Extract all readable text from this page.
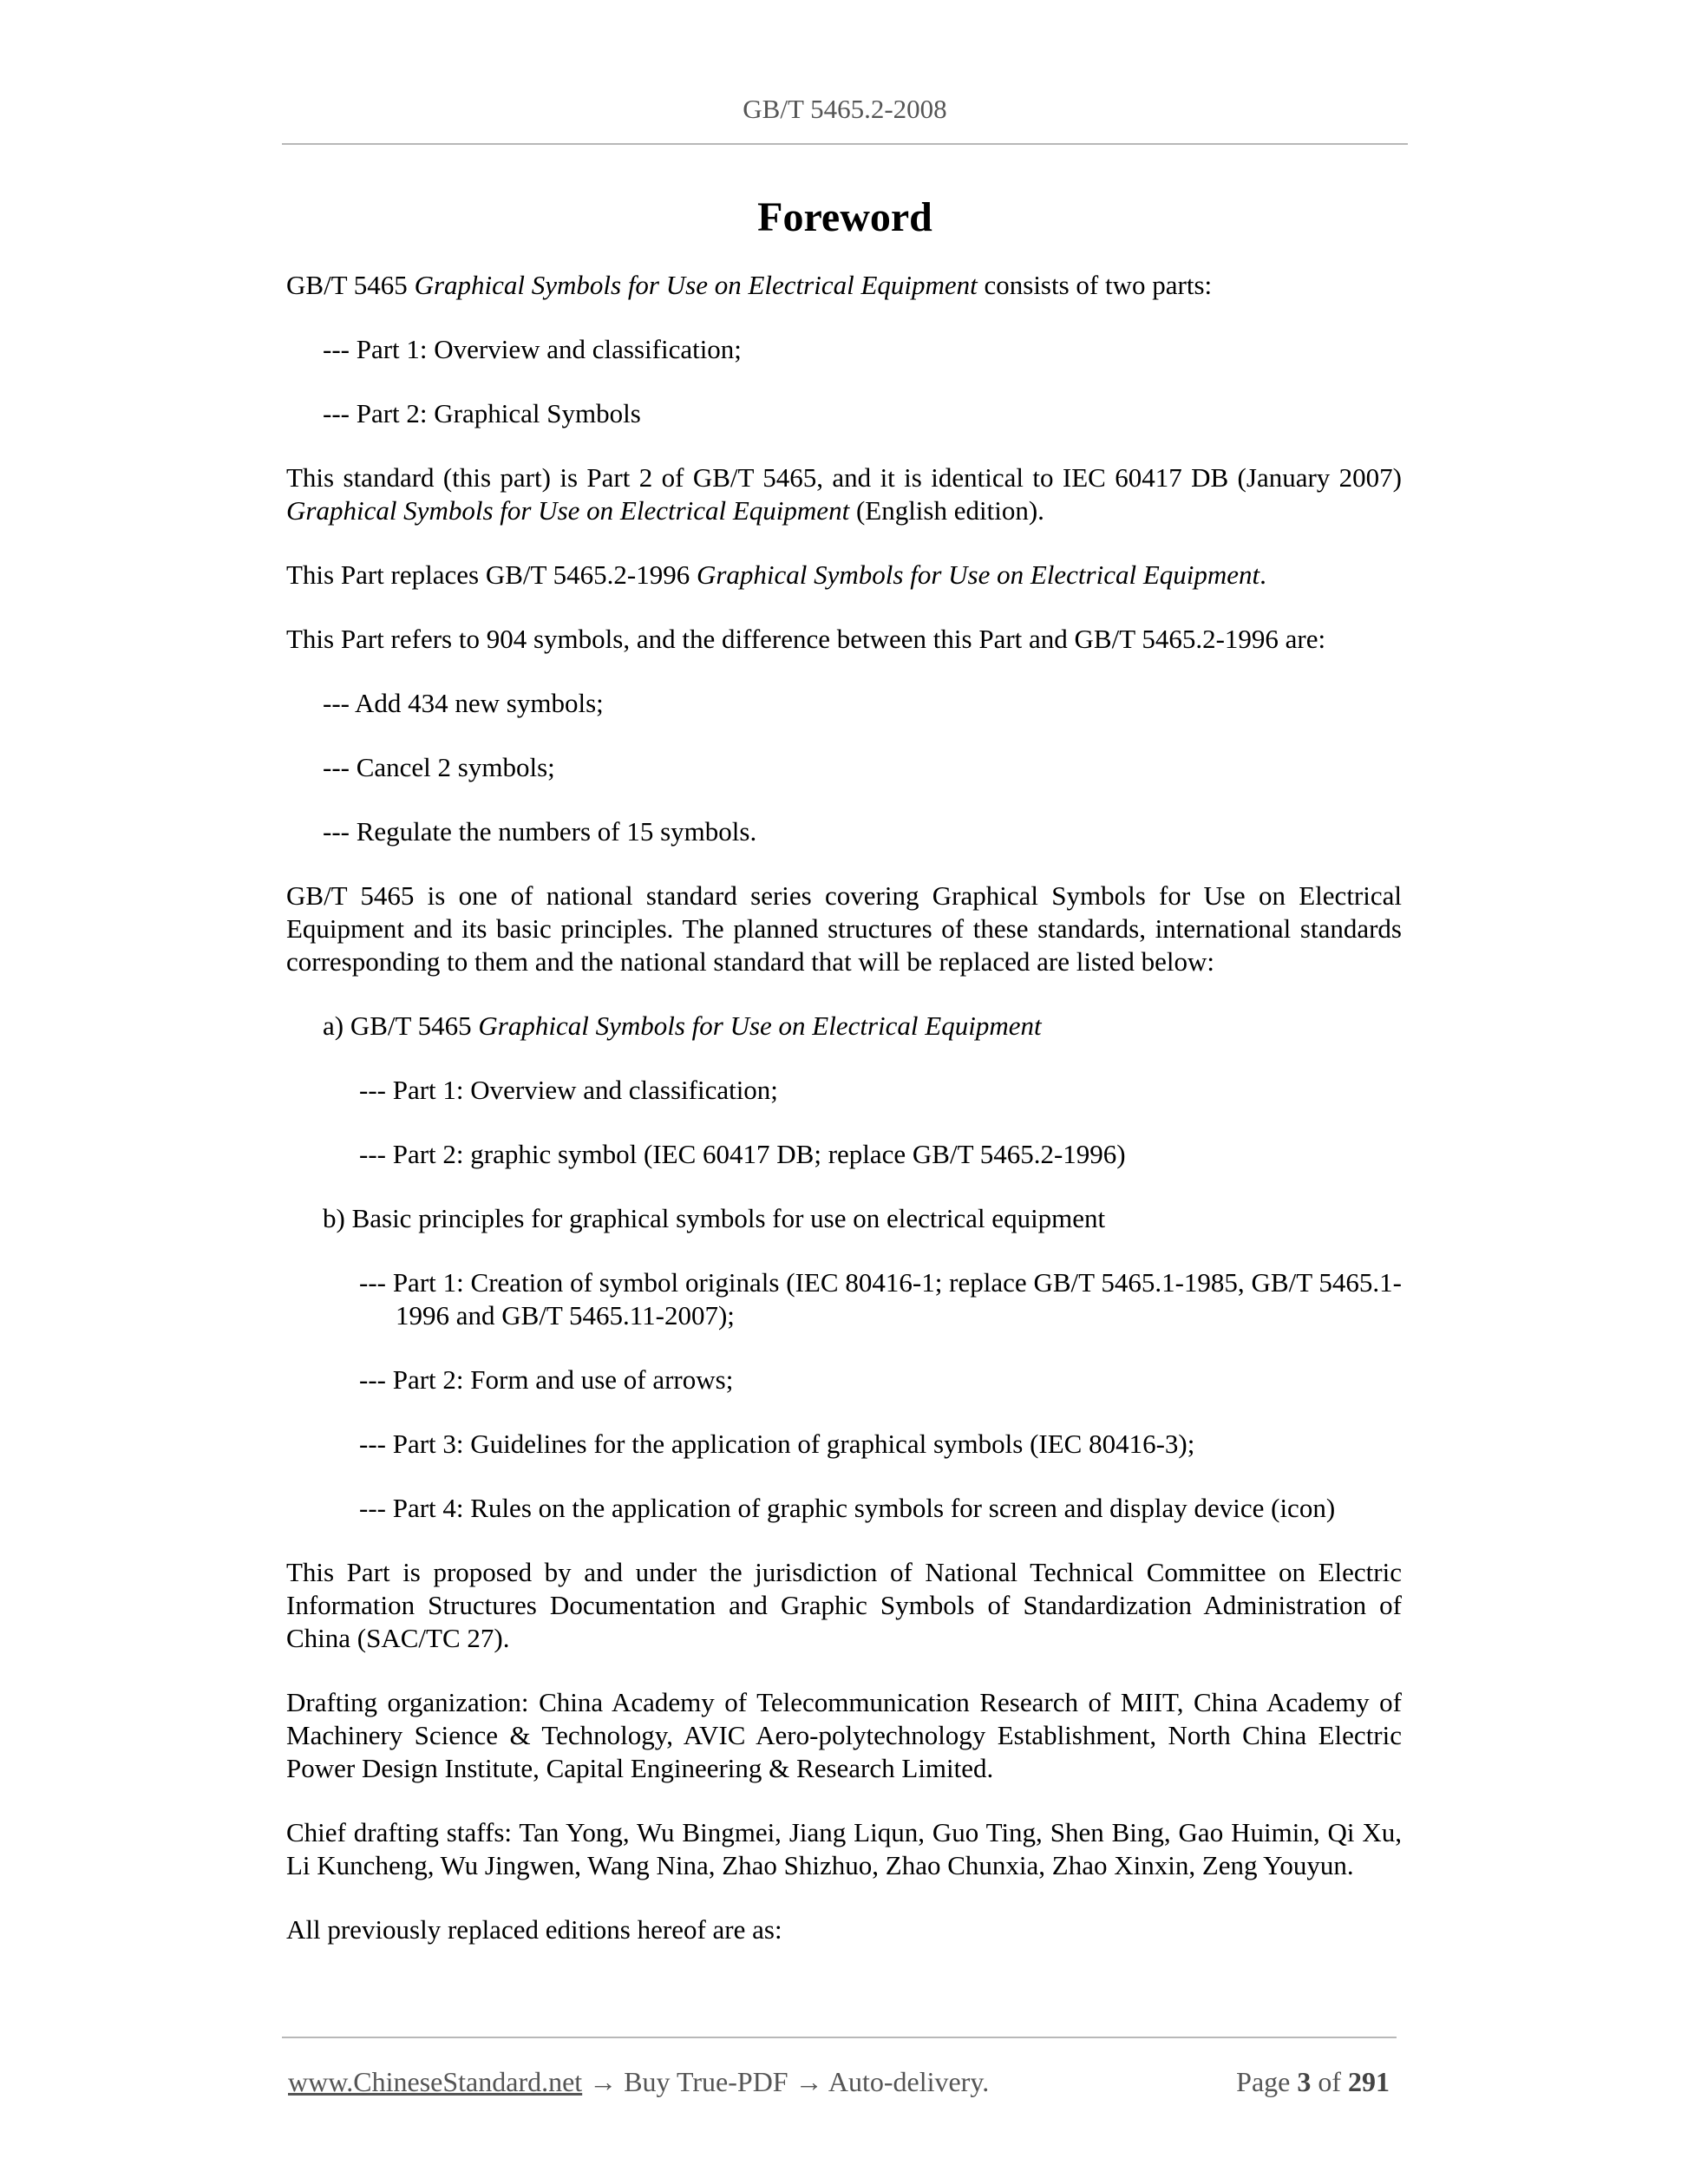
GB/T 5465.2-2008
Foreword

GB/T 5465 Graphical Symbols for Use on Electrical Equipment consists of two parts:

--- Part 1: Overview and classification;

--- Part 2: Graphical Symbols

This standard (this part) is Part 2 of GB/T 5465, and it is identical to IEC 60417 DB (January 2007) Graphical Symbols for Use on Electrical Equipment (English edition).

This Part replaces GB/T 5465.2-1996 Graphical Symbols for Use on Electrical Equipment.

This Part refers to 904 symbols, and the difference between this Part and GB/T 5465.2-1996 are:

--- Add 434 new symbols;

--- Cancel 2 symbols;

--- Regulate the numbers of 15 symbols.

GB/T 5465 is one of national standard series covering Graphical Symbols for Use on Electrical Equipment and its basic principles. The planned structures of these standards, international standards corresponding to them and the national standard that will be replaced are listed below:

a) GB/T 5465 Graphical Symbols for Use on Electrical Equipment

--- Part 1: Overview and classification;

--- Part 2: graphic symbol (IEC 60417 DB; replace GB/T 5465.2-1996)

b) Basic principles for graphical symbols for use on electrical equipment

--- Part 1: Creation of symbol originals (IEC 80416-1; replace GB/T 5465.1-1985, GB/T 5465.1-1996 and GB/T 5465.11-2007);

--- Part 2: Form and use of arrows;

--- Part 3: Guidelines for the application of graphical symbols (IEC 80416-3);

--- Part 4: Rules on the application of graphic symbols for screen and display device (icon)

This Part is proposed by and under the jurisdiction of National Technical Committee on Electric Information Structures Documentation and Graphic Symbols of Standardization Administration of China (SAC/TC 27).

Drafting organization: China Academy of Telecommunication Research of MIIT, China Academy of Machinery Science & Technology, AVIC Aero-polytechnology Establishment, North China Electric Power Design Institute, Capital Engineering & Research Limited.

Chief drafting staffs: Tan Yong, Wu Bingmei, Jiang Liqun, Guo Ting, Shen Bing, Gao Huimin, Qi Xu, Li Kuncheng, Wu Jingwen, Wang Nina, Zhao Shizhuo, Zhao Chunxia, Zhao Xinxin, Zeng Youyun.

All previously replaced editions hereof are as:

www.ChineseStandard.net → Buy True-PDF → Auto-delivery.	Page 3 of 291
